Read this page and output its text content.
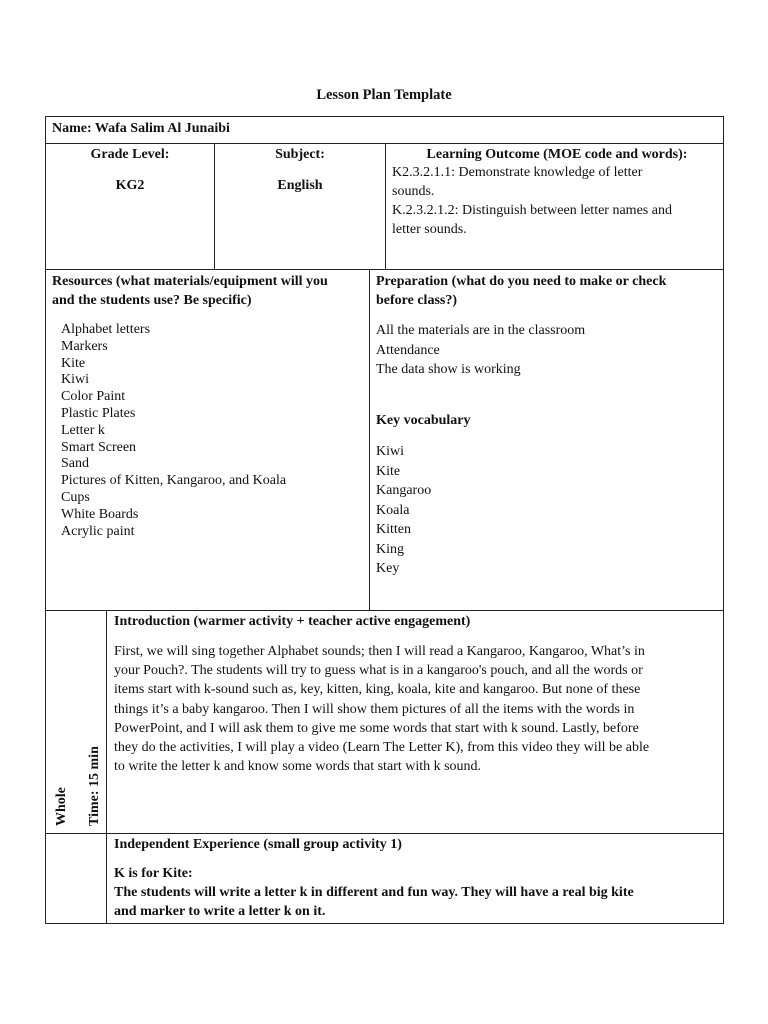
Lesson Plan Template
Name: Wafa Salim Al Junaibi
Grade Level:
KG2
Subject:
English
Learning Outcome (MOE code and words):
K2.3.2.1.1: Demonstrate knowledge of letter
sounds.
K.2.3.2.1.2: Distinguish between letter names and
letter sounds.
Resources (what materials/equipment will you
and the students use? Be specific)
Alphabet letters
Markers
Kite
Kiwi
Color Paint
Plastic Plates
Letter k
Smart Screen
Sand
Pictures of Kitten, Kangaroo, and Koala
Cups
White Boards
Acrylic paint
Preparation (what do you need to make or check
before class?)
All the materials are in the classroom
Attendance
The data show is working
Key vocabulary
Kiwi
Kite
Kangaroo
Koala
Kitten
King
Key
Whole Time: 15 min
Introduction (warmer activity + teacher active engagement)
First, we will sing together Alphabet sounds; then I will read a Kangaroo, Kangaroo, What’s in
your Pouch?. The students will try to guess what is in a kangaroo's pouch, and all the words or
items start with k-sound such as, key, kitten, king, koala, kite and kangaroo. But none of these
things it’s a baby kangaroo. Then I will show them pictures of all the items with the words in
PowerPoint, and I will ask them to give me some words that start with k sound. Lastly, before
they do the activities, I will play a video (Learn The Letter K), from this video they will be able
to write the letter k and know some words that start with k sound.
Independent Experience (small group activity 1)
K is for Kite:
The students will write a letter k in different and fun way. They will have a real big kite
and marker to write a letter k on it.
